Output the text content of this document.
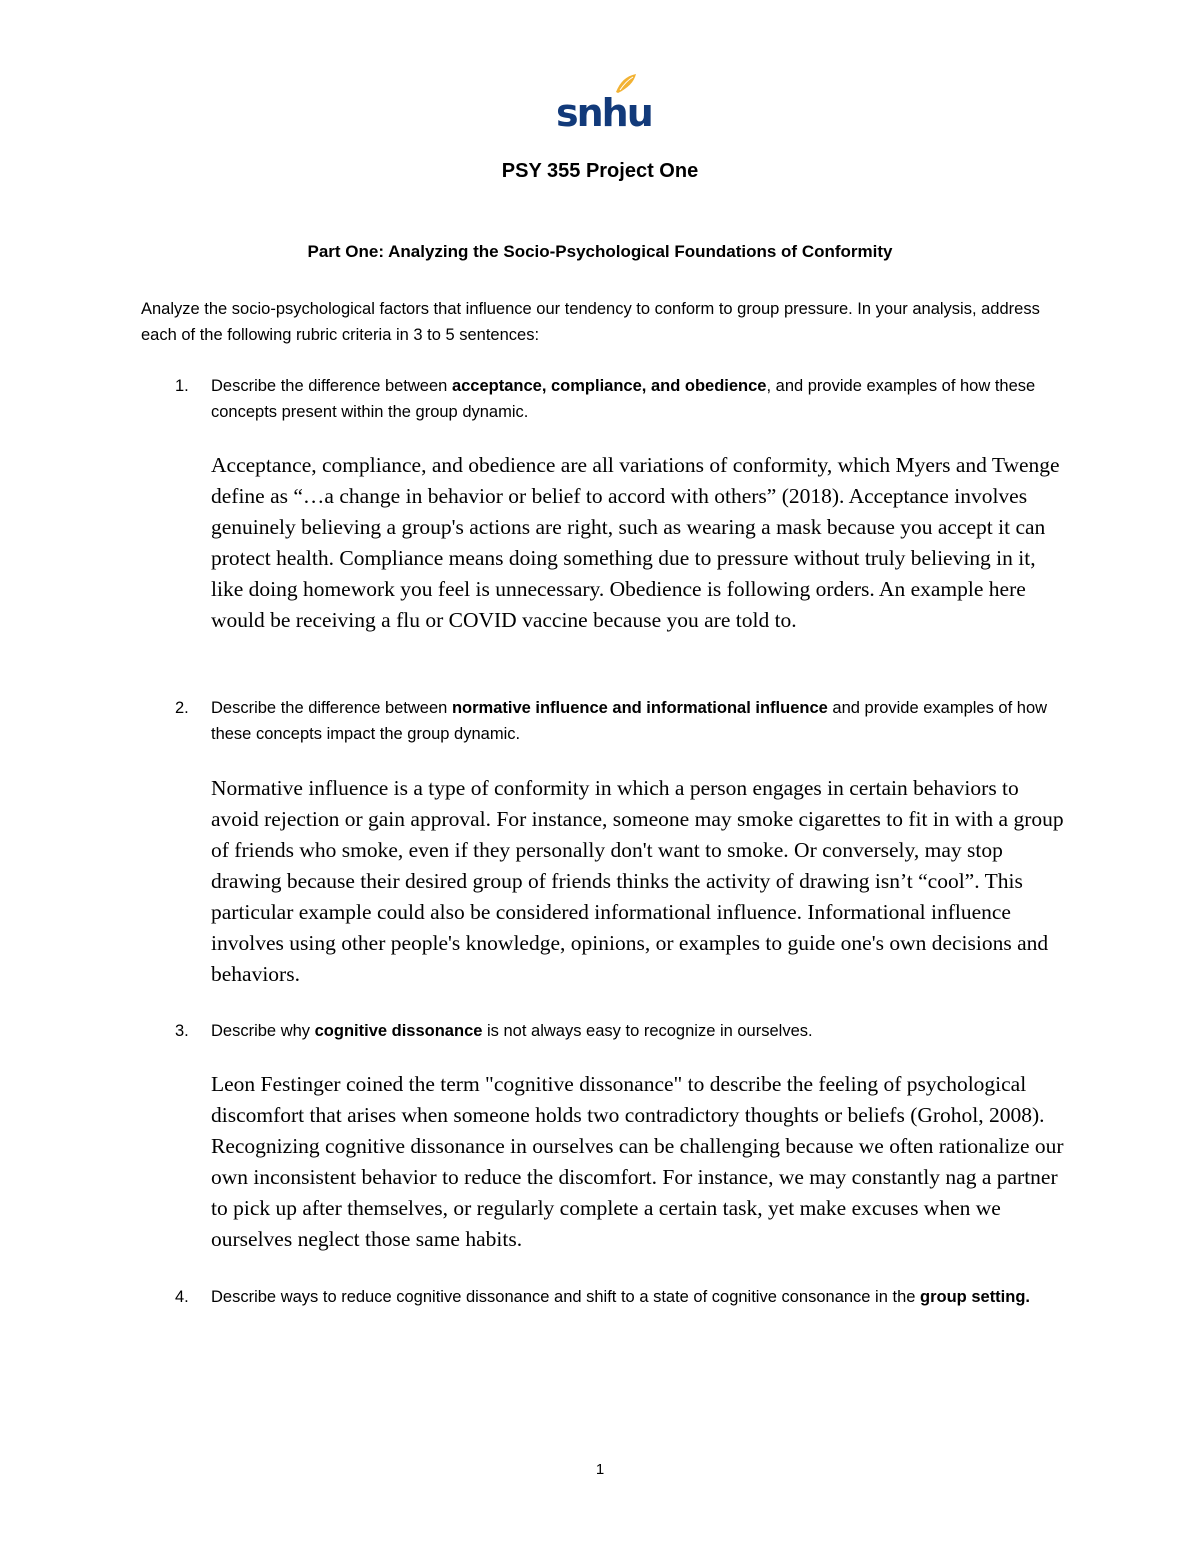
snhu
PSY 355 Project One
Part One: Analyzing the Socio-Psychological Foundations of Conformity
Analyze the socio-psychological factors that influence our tendency to conform to group pressure. In your analysis, address each of the following rubric criteria in 3 to 5 sentences:
1. Describe the difference between acceptance, compliance, and obedience, and provide examples of how these concepts present within the group dynamic.
Acceptance, compliance, and obedience are all variations of conformity, which Myers and Twenge define as “…a change in behavior or belief to accord with others” (2018). Acceptance involves genuinely believing a group's actions are right, such as wearing a mask because you accept it can protect health. Compliance means doing something due to pressure without truly believing in it, like doing homework you feel is unnecessary. Obedience is following orders. An example here would be receiving a flu or COVID vaccine because you are told to.
2. Describe the difference between normative influence and informational influence and provide examples of how these concepts impact the group dynamic.
Normative influence is a type of conformity in which a person engages in certain behaviors to avoid rejection or gain approval. For instance, someone may smoke cigarettes to fit in with a group of friends who smoke, even if they personally don't want to smoke. Or conversely, may stop drawing because their desired group of friends thinks the activity of drawing isn’t “cool”. This particular example could also be considered informational influence. Informational influence involves using other people's knowledge, opinions, or examples to guide one's own decisions and behaviors.
3. Describe why cognitive dissonance is not always easy to recognize in ourselves.
Leon Festinger coined the term "cognitive dissonance" to describe the feeling of psychological discomfort that arises when someone holds two contradictory thoughts or beliefs (Grohol, 2008). Recognizing cognitive dissonance in ourselves can be challenging because we often rationalize our own inconsistent behavior to reduce the discomfort. For instance, we may constantly nag a partner to pick up after themselves, or regularly complete a certain task, yet make excuses when we ourselves neglect those same habits.
4. Describe ways to reduce cognitive dissonance and shift to a state of cognitive consonance in the group setting.
1
